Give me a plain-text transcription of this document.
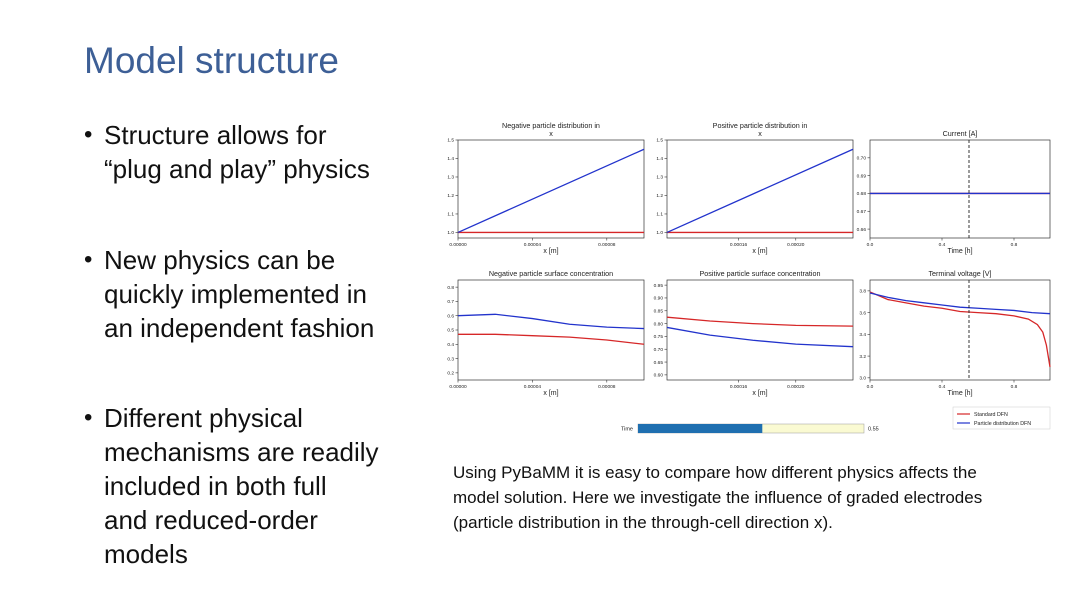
Model structure
• Structure allows for
“plug and play” physics
• New physics can be
quickly implemented in
an independent fashion
• Different physical
mechanisms are readily
included in both full
and reduced-order
models
Negative particle distribution in
x
0.00000	0.00004	0.00008
x [m]
1.0
1.1
1.2
1.3
1.4
1.5
Positive particle distribution in
x
0.00016	0.00020
x [m]
1.0
1.1
1.2
1.3
1.4
1.5
Current [A]
0.0	0.4	0.8
Time [h]
0.66
0.67
0.68
0.69
0.70
Negative particle surface concentration
0.00000	0.00004	0.00008
x [m]
0.2
0.3
0.4
0.5
0.6
0.7
0.8
Positive particle surface concentration
0.00016	0.00020
x [m]
0.60
0.65
0.70
0.75
0.80
0.85
0.90
0.95
Terminal voltage [V]
0.0	0.4	0.8
Time [h]
3.0
3.2
3.4
3.6
3.8
Standard DFN
Particle distribution DFN
Time	0.55
Using PyBaMM it is easy to compare how different physics affects the
model solution. Here we investigate the influence of graded electrodes
(particle distribution in the through-cell direction x).
